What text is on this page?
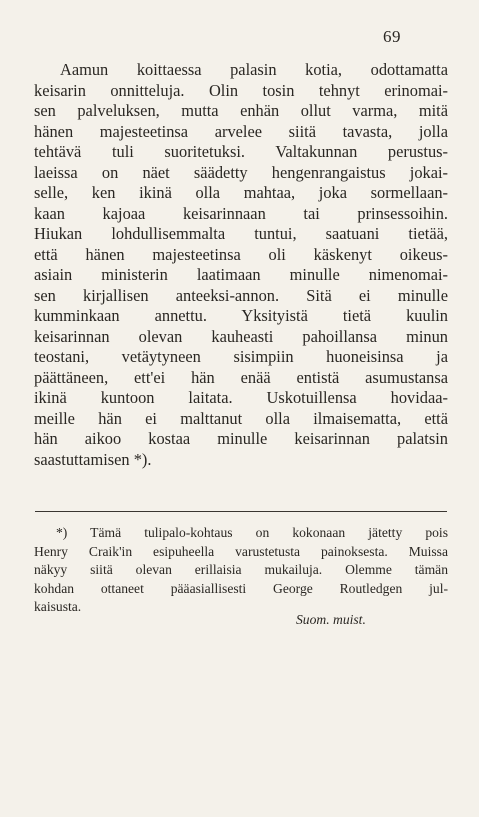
69
Aamun koittaessa palasin kotia, odottamatta
keisarin onnitteluja. Olin tosin tehnyt erinomai-
sen palveluksen, mutta enhän ollut varma, mitä
hänen majesteetinsa arvelee siitä tavasta, jolla
tehtävä tuli suoritetuksi. Valtakunnan perustus-
laeissa on näet säädetty hengenrangaistus jokai-
selle, ken ikinä olla mahtaa, joka sormellaan-
kaan kajoaa keisarinnaan tai prinsessoihin.
Hiukan lohdullisemmalta tuntui, saatuani tietää,
että hänen majesteetinsa oli käskenyt oikeus-
asiain ministerin laatimaan minulle nimenomai-
sen kirjallisen anteeksi-annon. Sitä ei minulle
kumminkaan annettu. Yksityistä tietä kuulin
keisarinnan olevan kauheasti pahoillansa minun
teostani, vetäytyneen sisimpiin huoneisinsa ja
päättäneen, ett'ei hän enää entistä asumustansa
ikinä kuntoon laitata. Uskotuillensa hovidaa-
meille hän ei malttanut olla ilmaisematta, että
hän aikoo kostaa minulle keisarinnan palatsin
saastuttamisen *).
*) Tämä tulipalo-kohtaus on kokonaan jätetty pois
Henry Craik'in esipuheella varustetusta painoksesta. Muissa
näkyy siitä olevan erillaisia mukailuja. Olemme tämän
kohdan ottaneet pääasiallisesti George Routledgen jul-
kaisusta.
Suom. muist.
